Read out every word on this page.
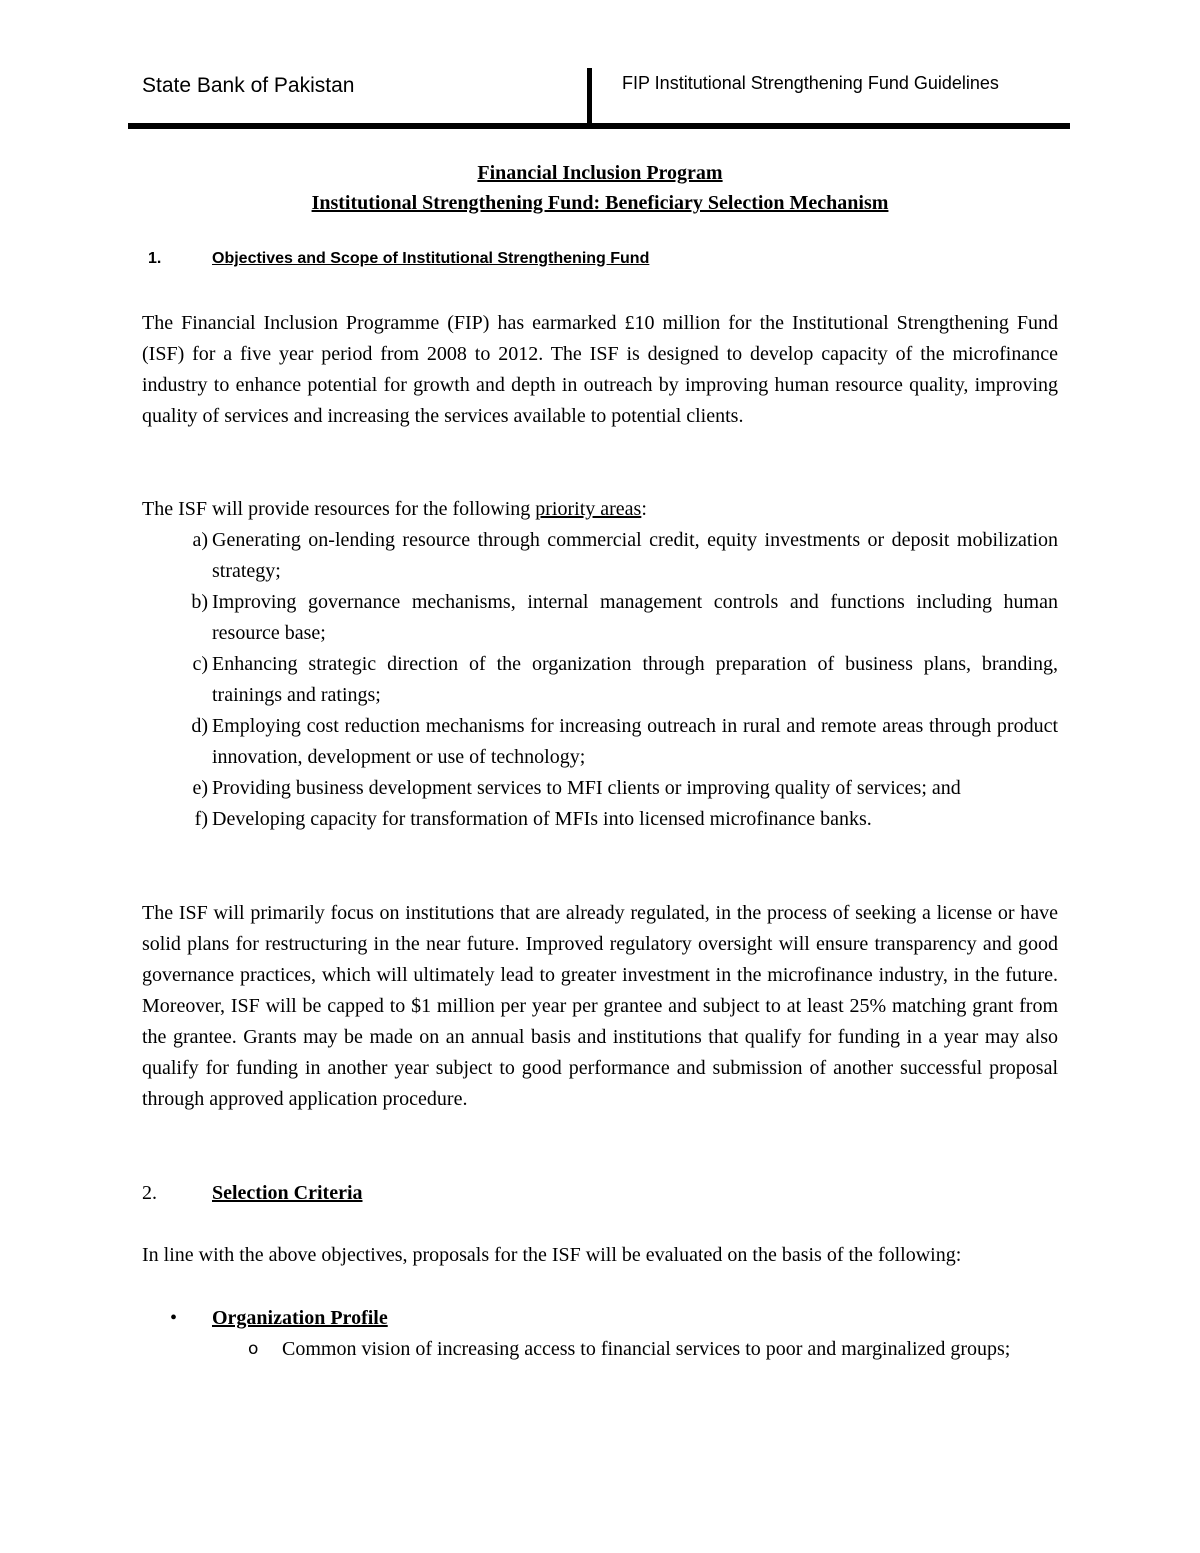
State Bank of Pakistan	FIP Institutional Strengthening Fund Guidelines
Financial Inclusion Program
Institutional Strengthening Fund: Beneficiary Selection Mechanism
1.	Objectives and Scope of Institutional Strengthening Fund
The Financial Inclusion Programme (FIP) has earmarked £10 million for the Institutional Strengthening Fund (ISF) for a five year period from 2008 to 2012. The ISF is designed to develop capacity of the microfinance industry to enhance potential for growth and depth in outreach by improving human resource quality, improving quality of services and increasing the services available to potential clients.
The ISF will provide resources for the following priority areas:
a) Generating on-lending resource through commercial credit, equity investments or deposit mobilization strategy;
b) Improving governance mechanisms, internal management controls and functions including human resource base;
c) Enhancing strategic direction of the organization through preparation of business plans, branding, trainings and ratings;
d) Employing cost reduction mechanisms for increasing outreach in rural and remote areas through product innovation, development or use of technology;
e) Providing business development services to MFI clients or improving quality of services; and
f) Developing capacity for transformation of MFIs into licensed microfinance banks.
The ISF will primarily focus on institutions that are already regulated, in the process of seeking a license or have solid plans for restructuring in the near future. Improved regulatory oversight will ensure transparency and good governance practices, which will ultimately lead to greater investment in the microfinance industry, in the future. Moreover, ISF will be capped to $1 million per year per grantee and subject to at least 25% matching grant from the grantee. Grants may be made on an annual basis and institutions that qualify for funding in a year may also qualify for funding in another year subject to good performance and submission of another successful proposal through approved application procedure.
2.	Selection Criteria
In line with the above objectives, proposals for the ISF will be evaluated on the basis of the following:
• Organization Profile
o Common vision of increasing access to financial services to poor and marginalized groups;
